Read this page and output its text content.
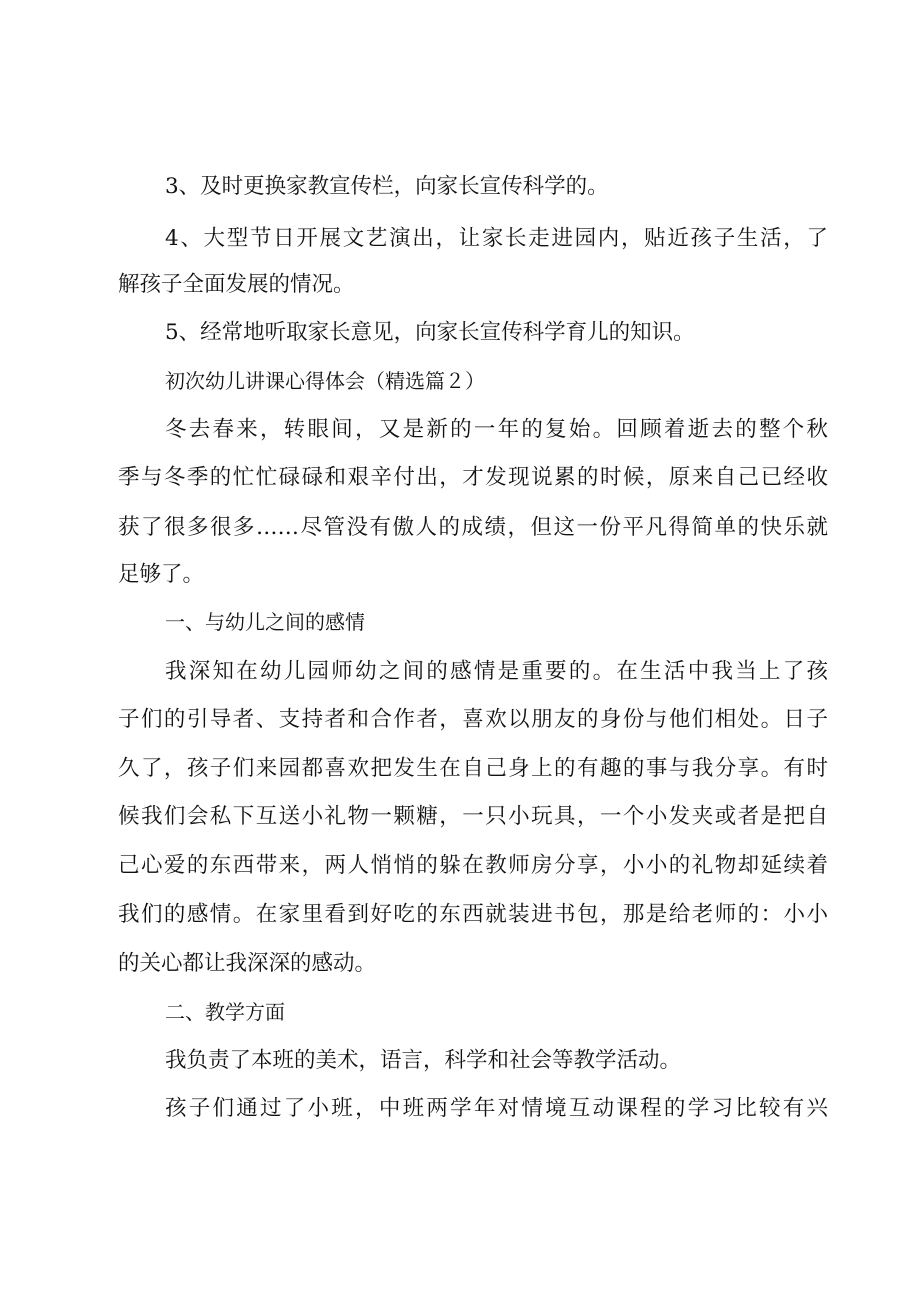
3、及时更换家教宣传栏，向家长宣传科学的。
4、大型节日开展文艺演出，让家长走进园内，贴近孩子生活，了
解孩子全面发展的情况。
5、经常地听取家长意见，向家长宣传科学育儿的知识。
初次幼儿讲课心得体会（精选篇２）
冬去春来，转眼间，又是新的一年的复始。回顾着逝去的整个秋
季与冬季的忙忙碌碌和艰辛付出，才发现说累的时候，原来自己已经收
获了很多很多……尽管没有傲人的成绩，但这一份平凡得简单的快乐就
足够了。
一、与幼儿之间的感情
我深知在幼儿园师幼之间的感情是重要的。在生活中我当上了孩
子们的引导者、支持者和合作者，喜欢以朋友的身份与他们相处。日子
久了，孩子们来园都喜欢把发生在自己身上的有趣的事与我分享。有时
候我们会私下互送小礼物一颗糖，一只小玩具，一个小发夹或者是把自
己心爱的东西带来，两人悄悄的躲在教师房分享，小小的礼物却延续着
我们的感情。在家里看到好吃的东西就装进书包，那是给老师的：小小
的关心都让我深深的感动。
二、教学方面
我负责了本班的美术，语言，科学和社会等教学活动。
孩子们通过了小班，中班两学年对情境互动课程的学习比较有兴
